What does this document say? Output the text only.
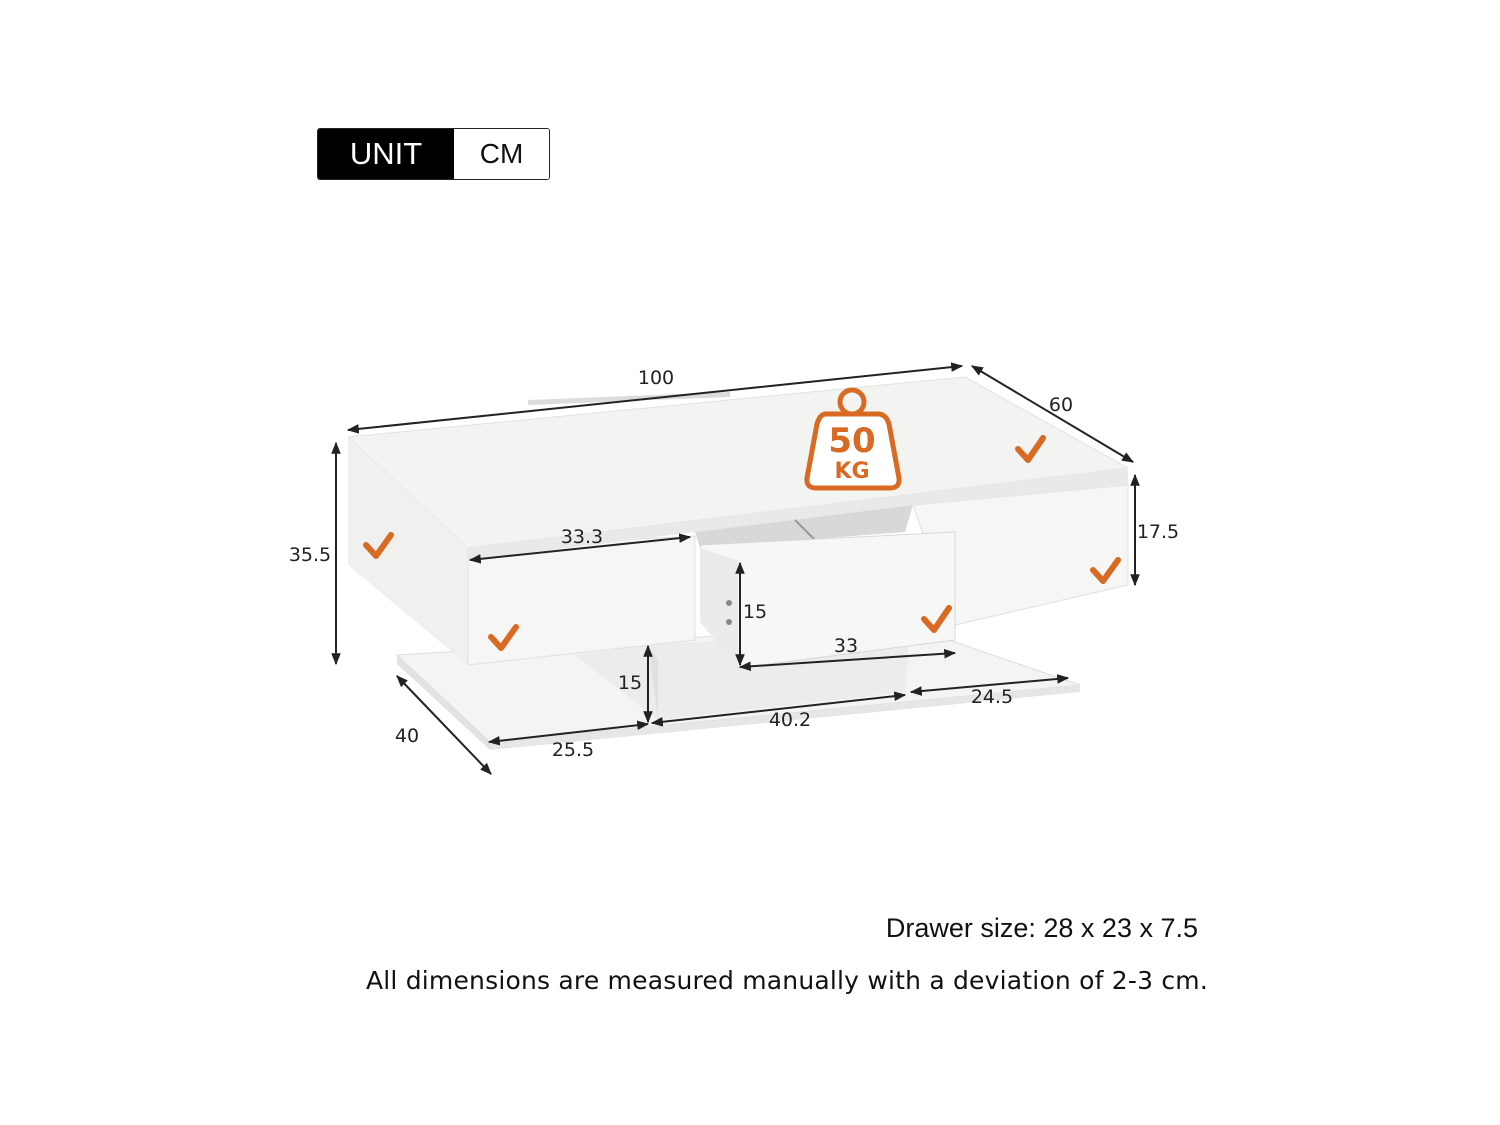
UNIT	CM
100
60
35.5
17.5
33.3
15
33
15
40
25.5
40.2
24.5
50
KG
Drawer size: 28 x 23 x 7.5
All dimensions are measured manually with a deviation of 2-3 cm.
